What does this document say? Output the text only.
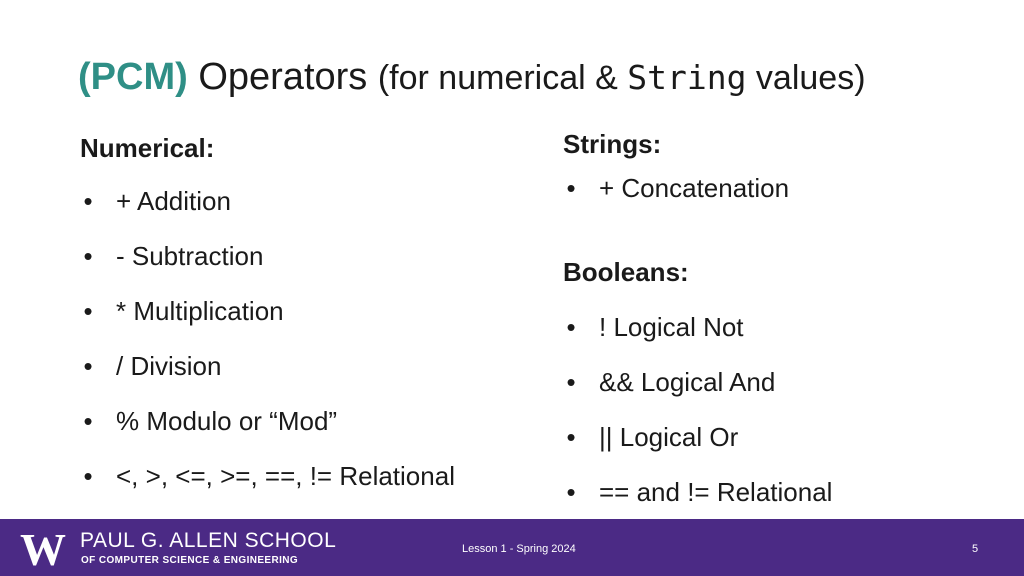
(PCM) Operators (for numerical & String values)
Numerical:
• + Addition
• - Subtraction
• * Multiplication
• / Division
• % Modulo or “Mod”
• <, >, <=, >=, ==, != Relational
Strings:
• + Concatenation
Booleans:
• ! Logical Not
• && Logical And
• || Logical Or
• == and != Relational
W PAUL G. ALLEN SCHOOL
OF COMPUTER SCIENCE & ENGINEERING
Lesson 1 - Spring 2024	5
